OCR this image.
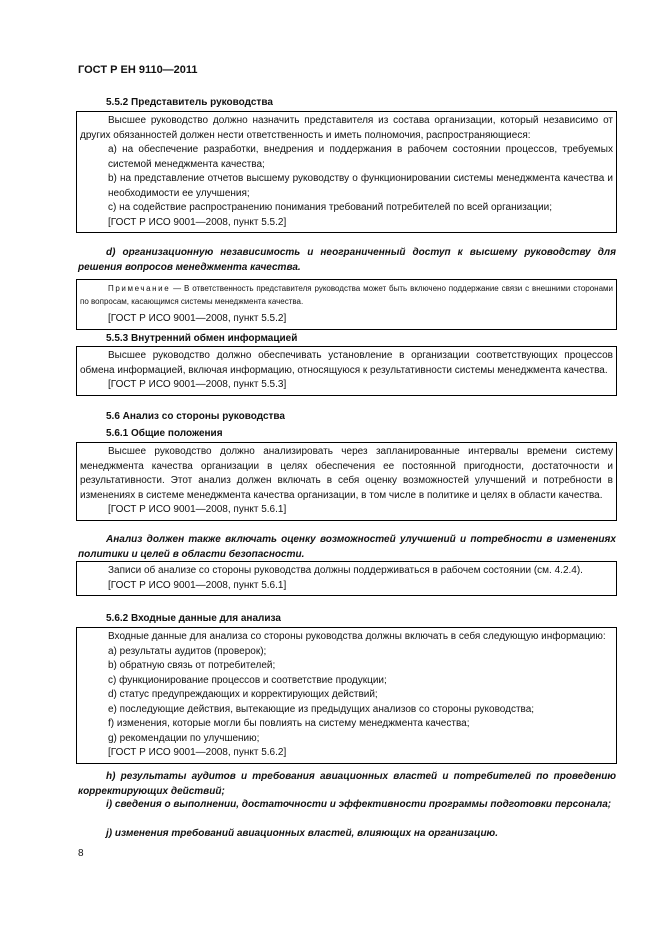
ГОСТ Р ЕН 9110—2011
5.5.2 Представитель руководства

Высшее руководство должно назначить представителя из состава организации, который независимо от других обязанностей должен нести ответственность и иметь полномочия, распространяющиеся:

а) на обеспечение разработки, внедрения и поддержания в рабочем состоянии процессов, требуемых системой менеджмента качества;

b) на представление отчетов высшему руководству о функционировании системы менеджмента качества и необходимости ее улучшения;

с) на содействие распространению понимания требований потребителей по всей организации;

[ГОСТ Р ИСО 9001—2008, пункт 5.5.2]

d) организационную независимость и неограниченный доступ к высшему руководству для решения вопросов менеджмента качества.

Примечание — В ответственность представителя руководства может быть включено поддержание связи с внешними сторонами по вопросам, касающимся системы менеджмента качества.

[ГОСТ Р ИСО 9001—2008, пункт 5.5.2]

5.5.3 Внутренний обмен информацией

Высшее руководство должно обеспечивать установление в организации соответствующих процессов обмена информацией, включая информацию, относящуюся к результативности системы менеджмента качества.

[ГОСТ Р ИСО 9001—2008, пункт 5.5.3]

5.6 Анализ со стороны руководства
5.6.1 Общие положения

Высшее руководство должно анализировать через запланированные интервалы времени систему менеджмента качества организации в целях обеспечения ее постоянной пригодности, достаточности и результативности. Этот анализ должен включать в себя оценку возможностей улучшений и потребности в изменениях в системе менеджмента качества организации, в том числе в политике и целях в области качества.

[ГОСТ Р ИСО 9001—2008, пункт 5.6.1]

Анализ должен также включать оценку возможностей улучшений и потребности в изменениях политики и целей в области безопасности.

Записи об анализе со стороны руководства должны поддерживаться в рабочем состоянии (см. 4.2.4).

[ГОСТ Р ИСО 9001—2008, пункт 5.6.1]

5.6.2 Входные данные для анализа

Входные данные для анализа со стороны руководства должны включать в себя следующую информацию:

а) результаты аудитов (проверок);

b) обратную связь от потребителей;

с) функционирование процессов и соответствие продукции;

d) статус предупреждающих и корректирующих действий;

е) последующие действия, вытекающие из предыдущих анализов со стороны руководства;

f) изменения, которые могли бы повлиять на систему менеджмента качества;

g) рекомендации по улучшению;

[ГОСТ Р ИСО 9001—2008, пункт 5.6.2]

h) результаты аудитов и требования авиационных властей и потребителей по проведению корректирующих действий;

i) сведения о выполнении, достаточности и эффективности программы подготовки персонала;

j) изменения требований авиационных властей, влияющих на организацию.

8
